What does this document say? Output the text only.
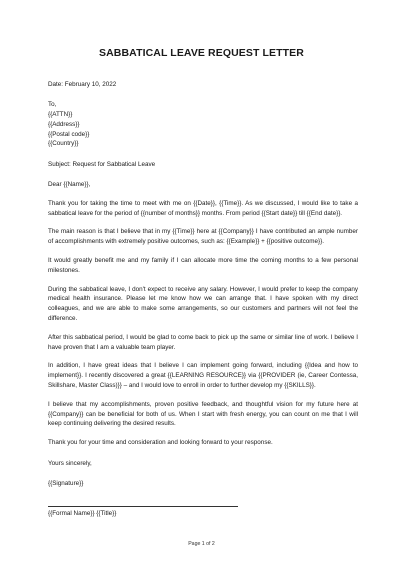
SABBATICAL LEAVE REQUEST LETTER
Date: February 10, 2022
To,
{{ATTN}}
{{Address}}
{{Postal code}}
{{Country}}
Subject: Request for Sabbatical Leave
Dear {{Name}},

Thank you for taking the time to meet with me on {{Date}}, {{Time}}. As we discussed, I would like to take a sabbatical leave for the period of {{number of months}} months. From period {{Start date}} till {{End date}}.

The main reason is that I believe that in my {{Time}} here at {{Company}} I have contributed an ample number of accomplishments with extremely positive outcomes, such as: {{Example}} + {{positive outcome}}.

It would greatly benefit me and my family if I can allocate more time the coming months to a few personal milestones.

During the sabbatical leave, I don't expect to receive any salary. However, I would prefer to keep the company medical health insurance. Please let me know how we can arrange that. I have spoken with my direct colleagues, and we are able to make some arrangements, so our customers and partners will not feel the difference.

After this sabbatical period, I would be glad to come back to pick up the same or similar line of work. I believe I have proven that I am a valuable team player.

In addition, I have great ideas that I believe I can implement going forward, including {{Idea and how to implement}}. I recently discovered a great {{LEARNING RESOURCE}} via {{PROVIDER (ie, Career Contessa, Skillshare, Master Class)}} – and I would love to enroll in order to further develop my {{SKILLS}}.

I believe that my accomplishments, proven positive feedback, and thoughtful vision for my future here at {{Company}} can be beneficial for both of us. When I start with fresh energy, you can count on me that I will keep continuing delivering the desired results.

Thank you for your time and consideration and looking forward to your response.

Yours sincerely,
{{Signature}}
{{Formal Name}} {{Title}}
Page 1 of 2
